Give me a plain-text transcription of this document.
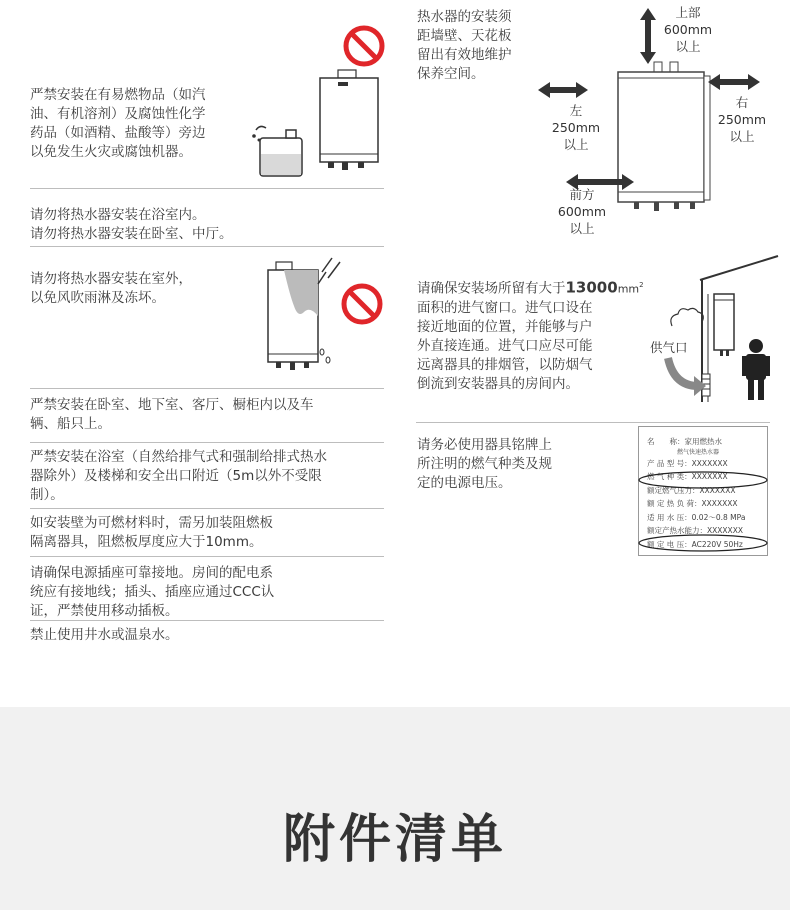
严禁安装在有易燃物品（如汽
油、有机溶剂）及腐蚀性化学
药品（如酒精、盐酸等）旁边
以免发生火灾或腐蚀机器。
请勿将热水器安装在浴室内。
请勿将热水器安装在卧室、中厅。
请勿将热水器安装在室外，
以免风吹雨淋及冻坏。
严禁安装在卧室、地下室、客厅、橱柜内以及车
辆、船只上。
严禁安装在浴室（自然给排气式和强制给排式热水
器除外）及楼梯和安全出口附近（5m以外不受限
制）。
如安装壁为可燃材料时，需另加装阻燃板
隔离器具，阻燃板厚度应大于10mm。
请确保电源插座可靠接地。房间的配电系
统应有接地线；插头、插座应通过CCC认
证，严禁使用移动插板。
禁止使用井水或温泉水。
热水器的安装须
距墙壁、天花板
留出有效地维护
保养空间。
上部
600mm
以上
左
250mm
以上
右
250mm
以上
前方
600mm
以上
请确保安装场所留有大于$13000mm^2$
面积的进气窗口。进气口设在
接近地面的位置，并能够与户
外直接连通。进气口应尽可能
远离器具的排烟管，以防烟气
倒流到安装器具的房间内。
供气口
请务必使用器具铭牌上
所注明的燃气种类及规
定的电源电压。
名　　称：家用燃热水
　　　　　燃气快速热水器
产 品 型 号：XXXXXXX
燃 气 种 类：XXXXXXX
额定燃气压力：XXXXXXX
额 定 热 负 荷：XXXXXXX
适 用 水 压：0.02～0.8 MPa
额定产热水能力：XXXXXXX
额 定 电 压：AC220V 50Hz
附件清单
